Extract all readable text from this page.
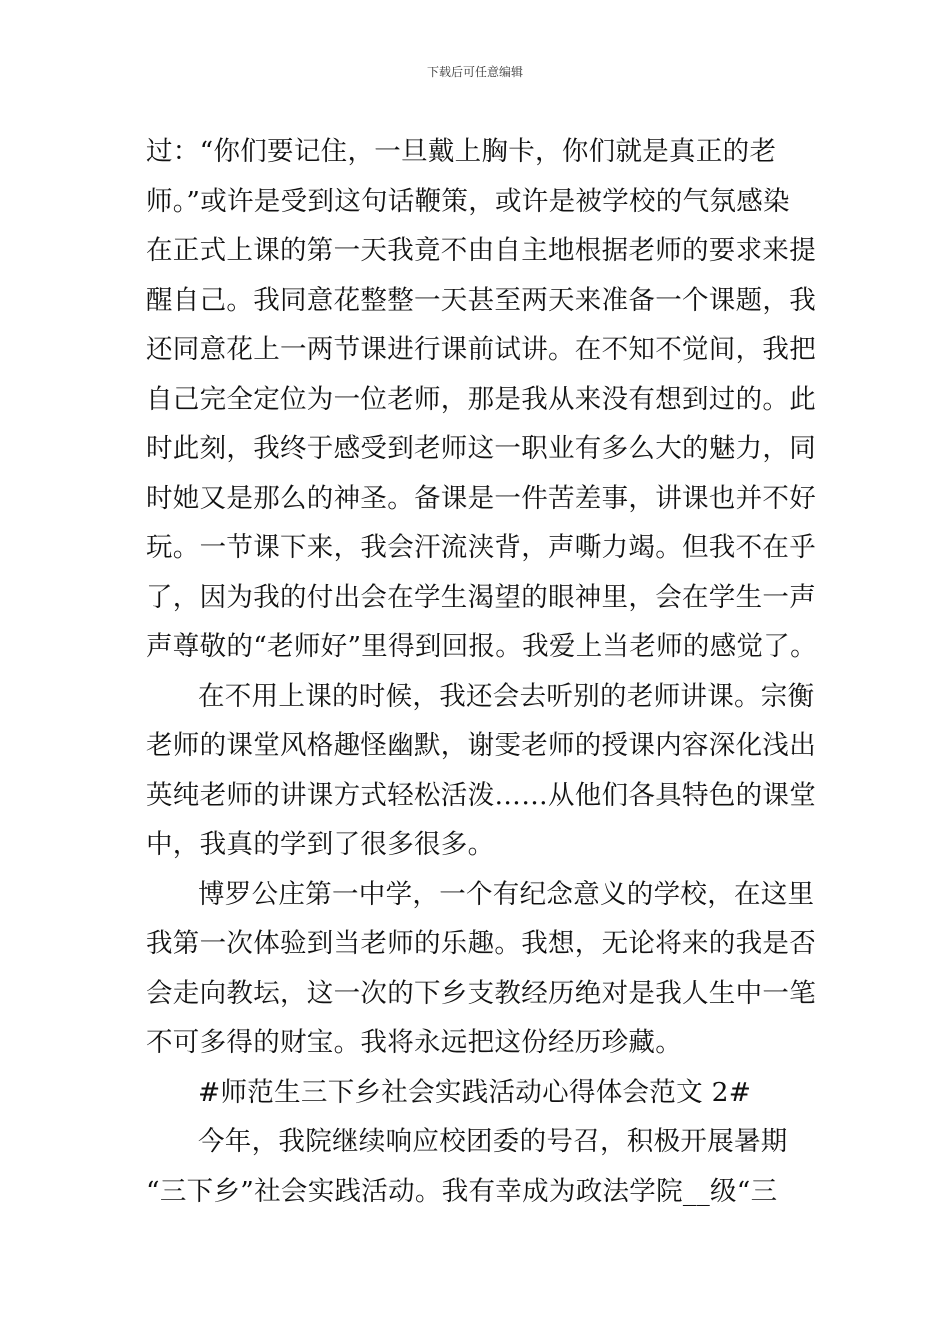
下载后可任意编辑
过：“你们要记住，一旦戴上胸卡，你们就是真正的老
师。”或许是受到这句话鞭策，或许是被学校的气氛感染
在正式上课的第一天我竟不由自主地根据老师的要求来提
醒自己。我同意花整整一天甚至两天来准备一个课题，我
还同意花上一两节课进行课前试讲。在不知不觉间，我把
自己完全定位为一位老师，那是我从来没有想到过的。此
时此刻，我终于感受到老师这一职业有多么大的魅力，同
时她又是那么的神圣。备课是一件苦差事，讲课也并不好
玩。一节课下来，我会汗流浃背，声嘶力竭。但我不在乎
了，因为我的付出会在学生渴望的眼神里，会在学生一声
声尊敬的“老师好”里得到回报。我爱上当老师的感觉了。
在不用上课的时候，我还会去听别的老师讲课。宗衡
老师的课堂风格趣怪幽默，谢雯老师的授课内容深化浅出
英纯老师的讲课方式轻松活泼……从他们各具特色的课堂
中，我真的学到了很多很多。
博罗公庄第一中学，一个有纪念意义的学校，在这里
我第一次体验到当老师的乐趣。我想，无论将来的我是否
会走向教坛，这一次的下乡支教经历绝对是我人生中一笔
不可多得的财宝。我将永远把这份经历珍藏。
#师范生三下乡社会实践活动心得体会范文 2#
今年，我院继续响应校团委的号召，积极开展暑期
“三下乡”社会实践活动。我有幸成为政法学院__级“三
